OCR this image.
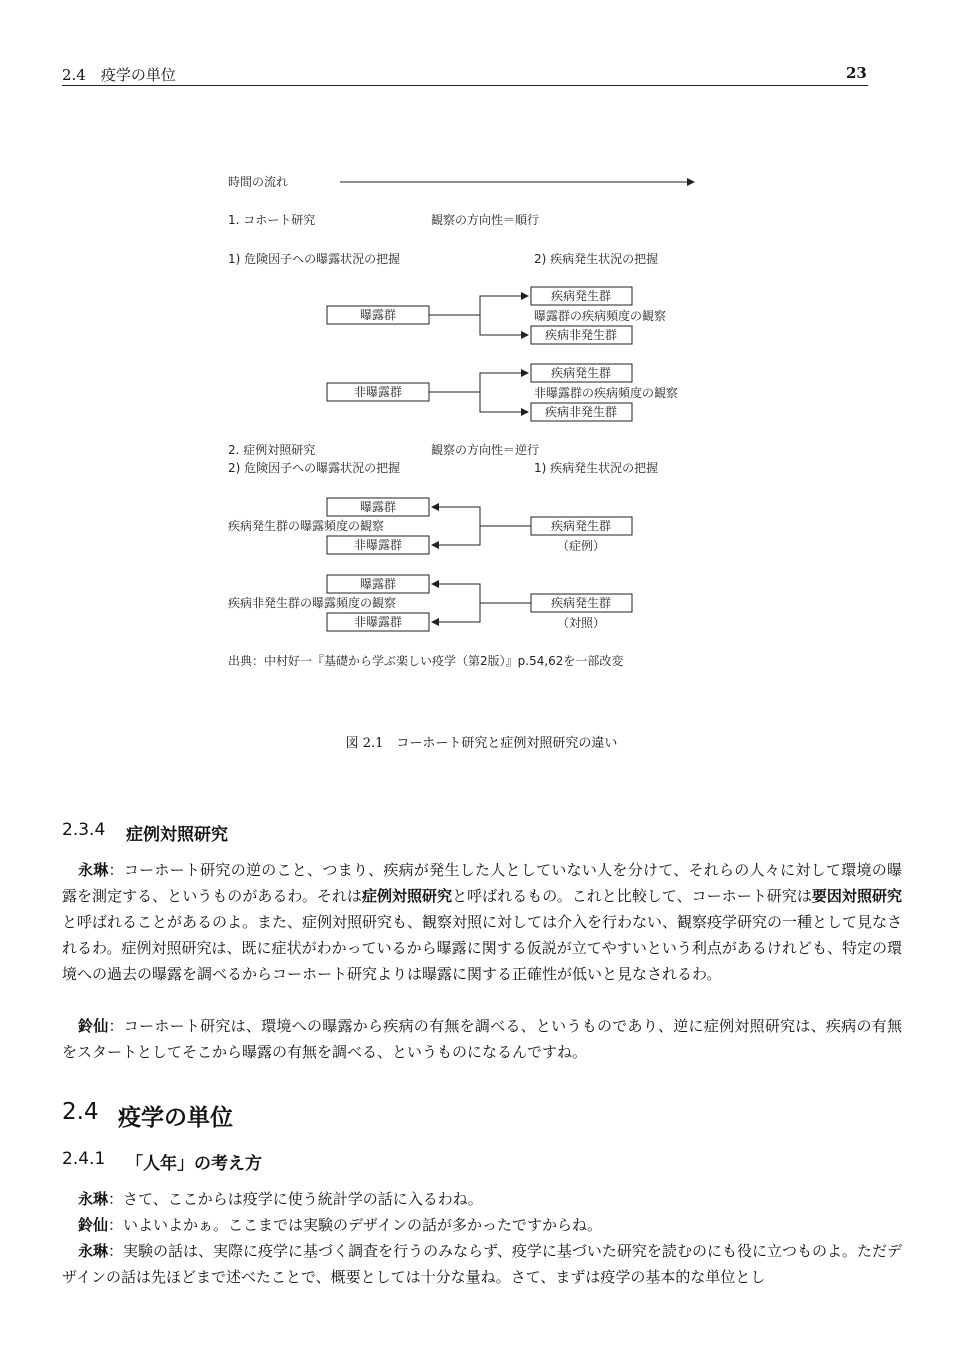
2.4　疫学の単位	23
時間の流れ
1. コホート研究	観察の方向性＝順行
1) 危険因子への曝露状況の把握	2) 疾病発生状況の把握
曝露群
疾病発生群
曝露群の疾病頻度の観察
疾病非発生群
非曝露群
疾病発生群
非曝露群の疾病頻度の観察
疾病非発生群
2. 症例対照研究	観察の方向性＝逆行
2) 危険因子への曝露状況の把握	1) 疾病発生状況の把握
曝露群
疾病発生群の曝露頻度の観察
非曝露群
疾病発生群
（症例）
曝露群
疾病非発生群の曝露頻度の観察
非曝露群
疾病発生群
（対照）
出典：中村好一『基礎から学ぶ楽しい疫学（第2版）』p.54,62を一部改変
図 2.1　コーホート研究と症例対照研究の違い
2.3.4 症例対照研究
永琳：コーホート研究の逆のこと、つまり、疾病が発生した人としていない人を分けて、それらの人々に対して環境の曝露を測定する、というものがあるわ。それは症例対照研究と呼ばれるもの。これと比較して、コーホート研究は要因対照研究と呼ばれることがあるのよ。また、症例対照研究も、観察対照に対しては介入を行わない、観察疫学研究の一種として見なされるわ。症例対照研究は、既に症状がわかっているから曝露に関する仮説が立てやすいという利点があるけれども、特定の環境への過去の曝露を調べるからコーホート研究よりは曝露に関する正確性が低いと見なされるわ。
鈴仙：コーホート研究は、環境への曝露から疾病の有無を調べる、というものであり、逆に症例対照研究は、疾病の有無をスタートとしてそこから曝露の有無を調べる、というものになるんですね。
2.4 疫学の単位
2.4.1 「人年」の考え方
永琳：さて、ここからは疫学に使う統計学の話に入るわね。
鈴仙：いよいよかぁ。ここまでは実験のデザインの話が多かったですからね。
永琳：実験の話は、実際に疫学に基づく調査を行うのみならず、疫学に基づいた研究を読むのにも役に立つものよ。ただデザインの話は先ほどまで述べたことで、概要としては十分な量ね。さて、まずは疫学の基本的な単位とし
